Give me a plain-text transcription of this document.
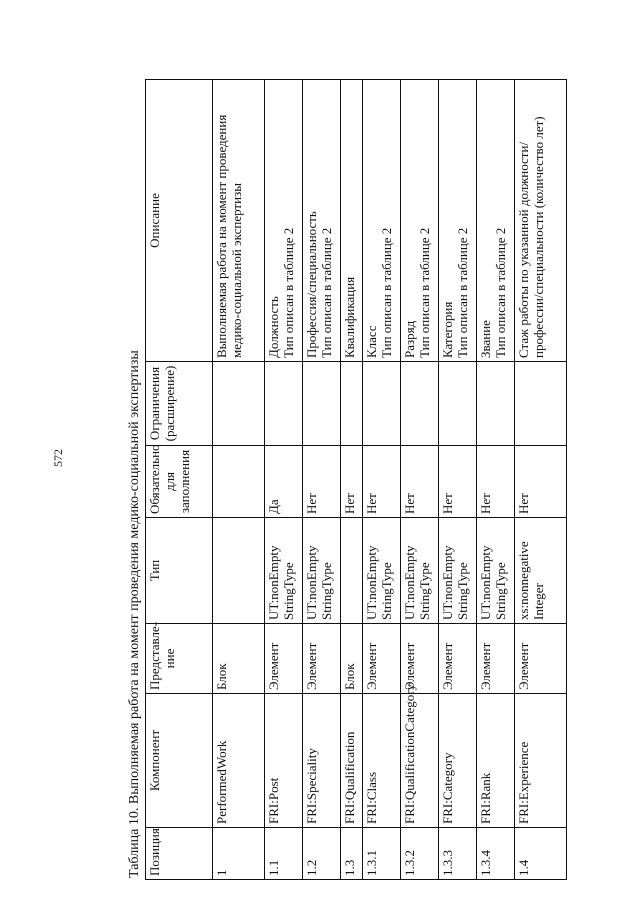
572	Таблица 10. Выполняемая работа на момент проведения медико-социальной экспертизы Позиция	Компонент	Представле-ние	Тип	Обязательно для заполнения	Ограничения (расширение)	Описание
1	PerformedWork	Блок				Выполняемая работа на момент проведения медико-социальной экспертизы
1.1	FRI:Post	Элемент	UT:nonEmpty StringType	Да		Должность
Тип описан в таблице 2
1.2	FRI:Speciality	Элемент	UT:nonEmpty StringType	Нет		Профессия/специальность
Тип описан в таблице 2
1.3	FRI:Qualification	Блок		Нет		Квалификация
1.3.1	FRI:Class	Элемент	UT:nonEmpty StringType	Нет		Класс
Тип описан в таблице 2
1.3.2	FRI:QualificationCategory	Элемент	UT:nonEmpty StringType	Нет		Разряд
Тип описан в таблице 2
1.3.3	FRI:Category	Элемент	UT:nonEmpty StringType	Нет		Категория
Тип описан в таблице 2
1.3.4	FRI:Rank	Элемент	UT:nonEmpty StringType	Нет		Звание
Тип описан в таблице 2
1.4	FRI:Experience	Элемент	xs:nonnegative Integer	Нет		Стаж работы по указанной должности/профессии/специальности (количество лет)
